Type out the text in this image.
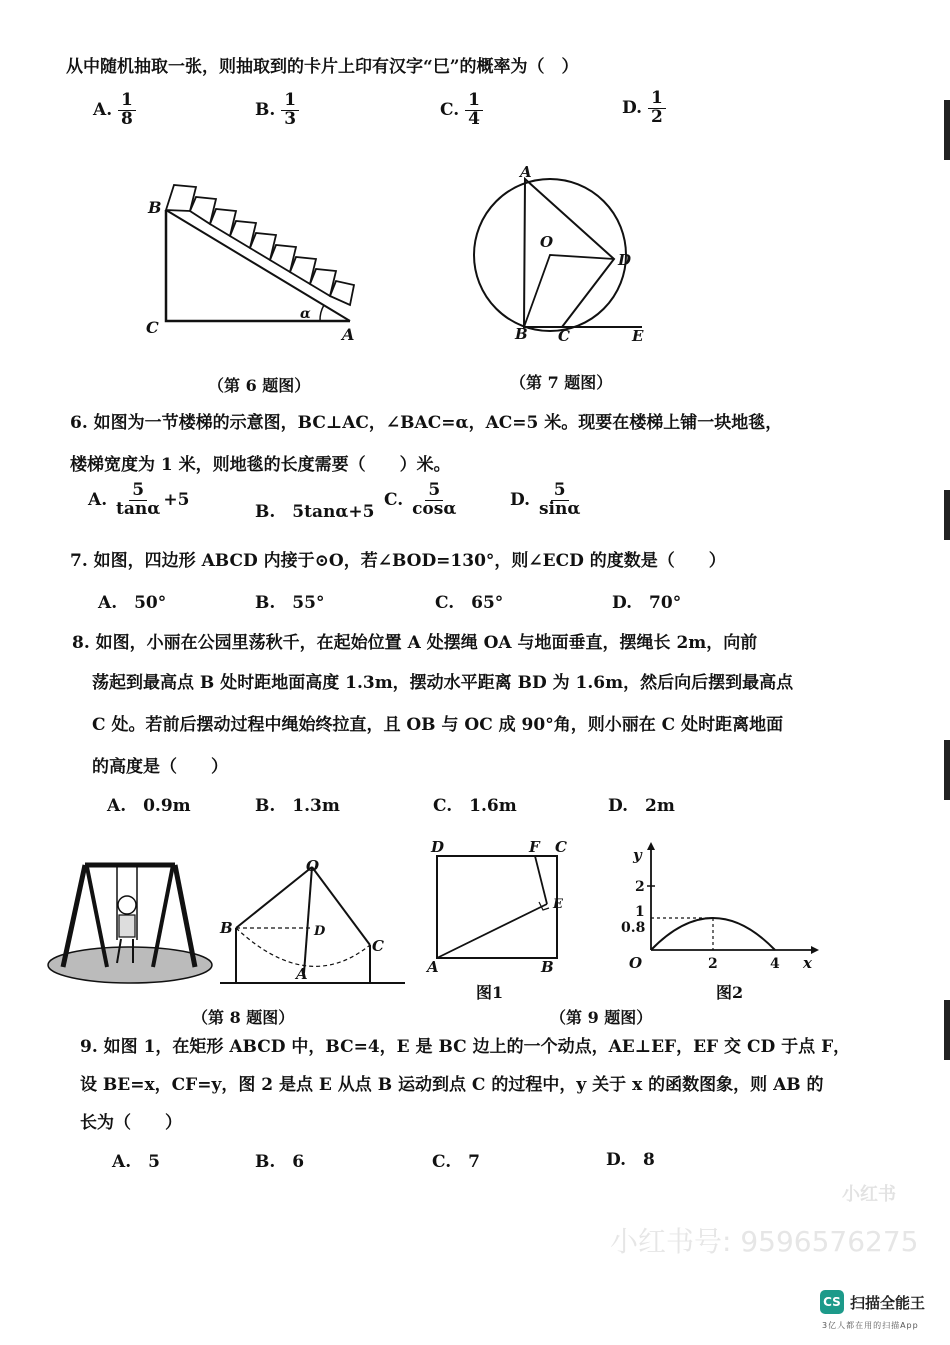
从中随机抽取一张，则抽取到的卡片上印有汉字“巳”的概率为（　）
A. $\frac{1}{8}$	B. $\frac{1}{3}$	C. $\frac{1}{4}$	D. $\frac{1}{2}$
B
C	A
α
（第 6 题图）
A
O
D
B C	E
（第 7 题图）
6. 如图为一节楼梯的示意图，BC⊥AC，∠BAC=α，AC=5 米。现要在楼梯上铺一块地毯，
楼梯宽度为 1 米，则地毯的长度需要（　　）米。
A. $\frac{5}{\tan\alpha} +5$
B.　5tanα+5
C. $\frac{5}{\cos\alpha}$	D. $\frac{5}{\sin\alpha}$
7. 如图，四边形 ABCD 内接于⊙O，若∠BOD=130°，则∠ECD 的度数是（　　）
A.　50°	B.　55°	C.　65°	D.　70°
8. 如图，小丽在公园里荡秋千，在起始位置 A 处摆绳 OA 与地面垂直，摆绳长 2m，向前
荡起到最高点 B 处时距地面高度 1.3m，摆动水平距离 BD 为 1.6m，然后向后摆到最高点
C 处。若前后摆动过程中绳始终拉直，且 OB 与 OC 成 90°角，则小丽在 C 处时距离地面
的高度是（　　）
A.　0.9m	B.　1.3m	C.　1.6m	D.　2m
O
B
C
A
D
（第 8 题图）
D	F C
E
A	B
图1
y
x
O
2
1
0.8
2	4
图2
（第 9 题图）
9. 如图 1，在矩形 ABCD 中，BC=4，E 是 BC 边上的一个动点，AE⊥EF，EF 交 CD 于点 F，
设 BE=x，CF=y，图 2 是点 E 从点 B 运动到点 C 的过程中，y 关于 x 的函数图象，则 AB 的
长为（　　）
A.　5	B.　6	C.　7	D.　8
小红书
小红书号: 9596576275
CS 扫描全能王
3亿人都在用的扫描App
